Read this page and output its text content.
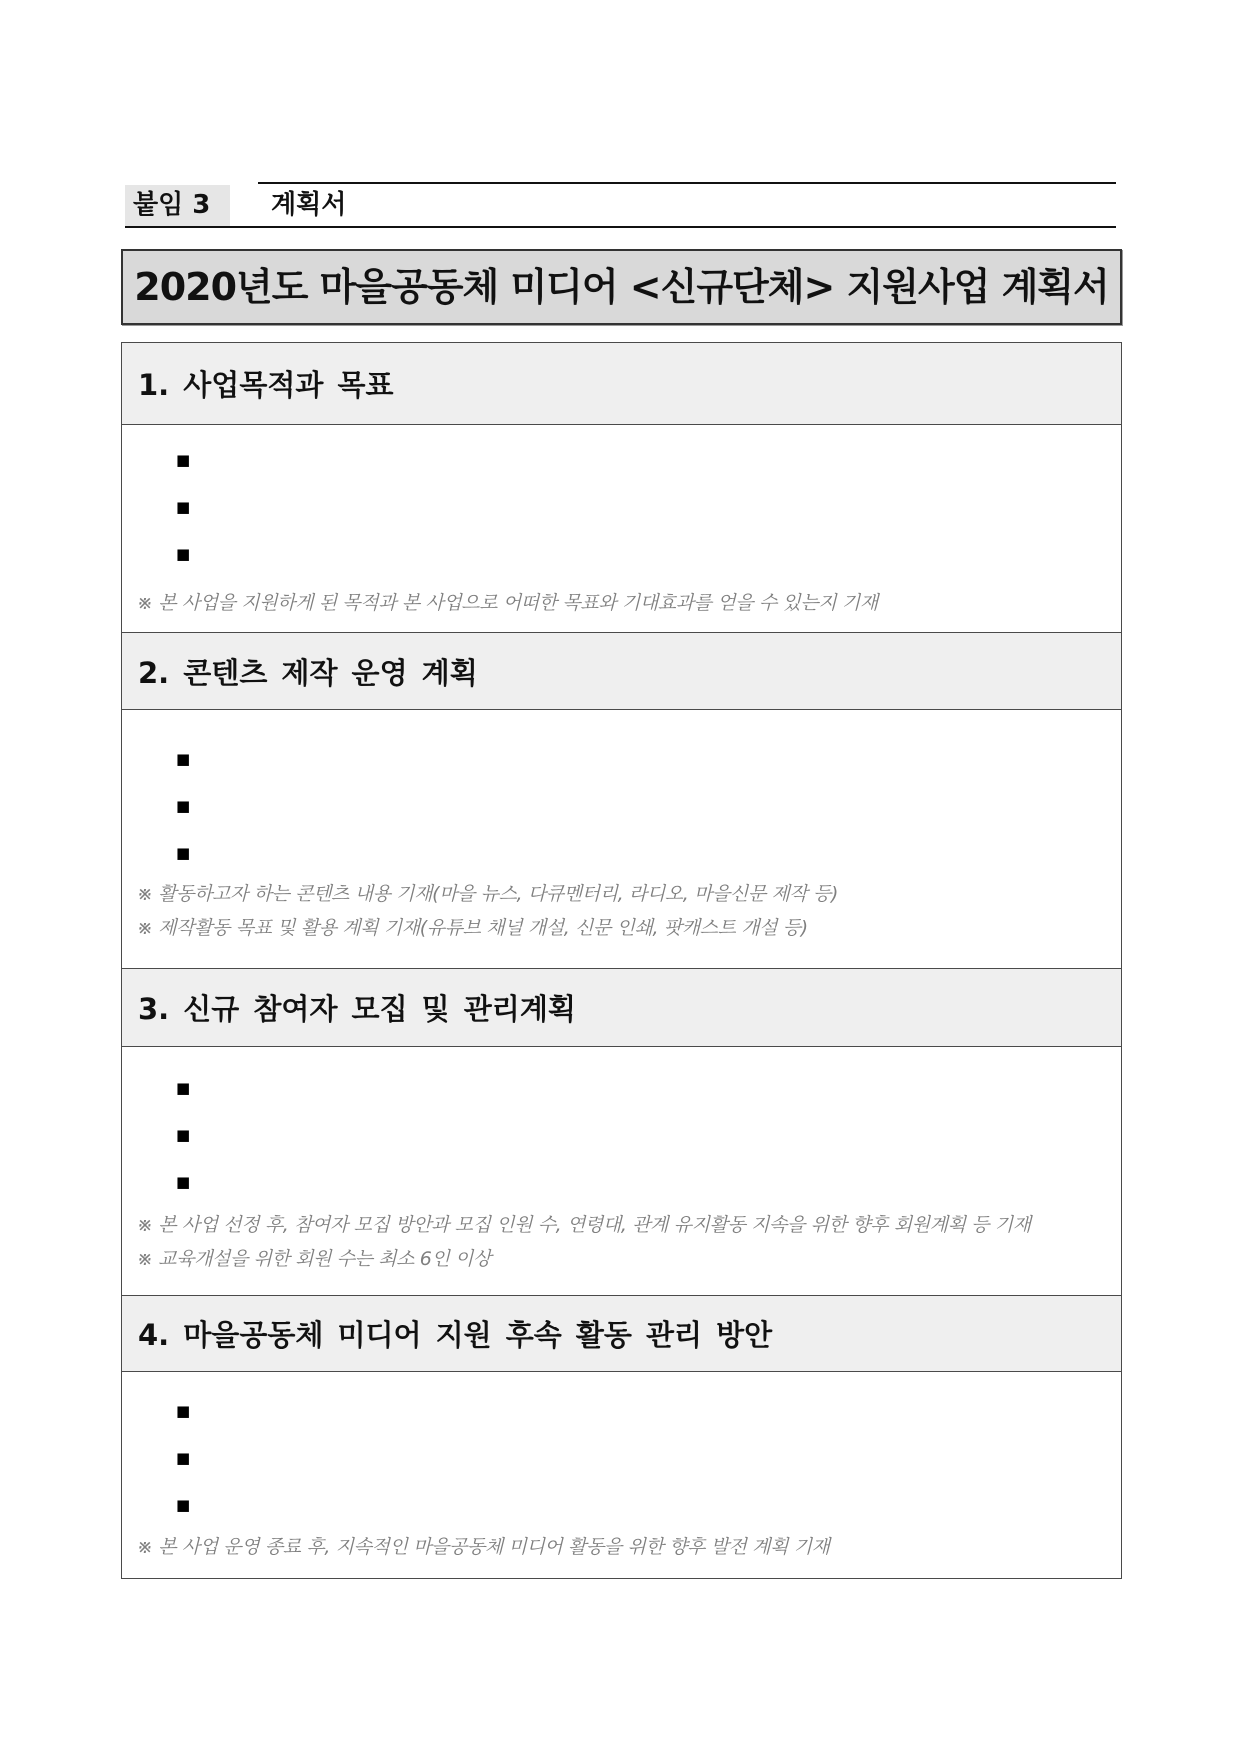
붙임 3	계획서
2020년도 마을공동체 미디어 <신규단체> 지원사업 계획서
1. 사업목적과 목표
■
■
■
※ 본 사업을 지원하게 된 목적과 본 사업으로 어떠한 목표와 기대효과를 얻을 수 있는지 기재
2. 콘텐츠 제작 운영 계획
■
■
■
※ 활동하고자 하는 콘텐츠 내용 기재(마을 뉴스, 다큐멘터리, 라디오, 마을신문 제작 등)
※ 제작활동 목표 및 활용 계획 기재(유튜브 채널 개설, 신문 인쇄, 팟캐스트 개설 등)
3. 신규 참여자 모집 및 관리계획
■
■
■
※ 본 사업 선정 후, 참여자 모집 방안과 모집 인원 수, 연령대, 관계 유지활동 지속을 위한 향후 회원계획 등 기재
※ 교육개설을 위한 회원 수는 최소 6인 이상
4. 마을공동체 미디어 지원 후속 활동 관리 방안
■
■
■
※ 본 사업 운영 종료 후, 지속적인 마을공동체 미디어 활동을 위한 향후 발전 계획 기재
